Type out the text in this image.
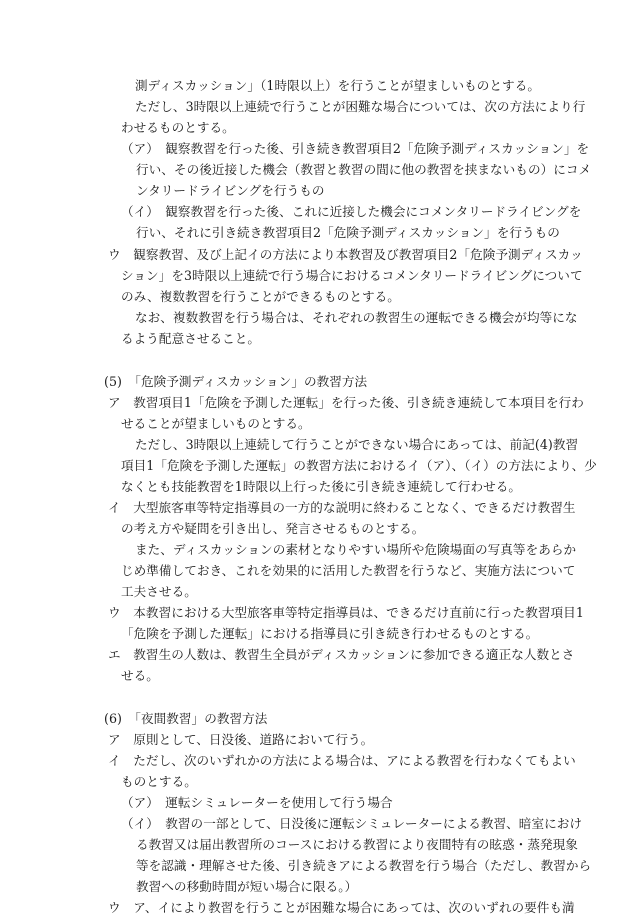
測ディスカッション」（1時限以上）を行うことが望ましいものとする。
ただし、3時限以上連続で行うことが困難な場合については、次の方法により行
わせるものとする。
（ア）　観察教習を行った後、引き続き教習項目2「危険予測ディスカッション」を
行い、その後近接した機会（教習と教習の間に他の教習を挟まないもの）にコメ
ンタリードライビングを行うもの
（イ）　観察教習を行った後、これに近接した機会にコメンタリードライビングを
行い、それに引き続き教習項目2「危険予測ディスカッション」を行うもの
ウ　観察教習、及び上記イの方法により本教習及び教習項目2「危険予測ディスカッ
ション」を3時限以上連続で行う場合におけるコメンタリードライビングについて
のみ、複数教習を行うことができるものとする。
なお、複数教習を行う場合は、それぞれの教習生の運転できる機会が均等にな
るよう配意させること。
(5)　「危険予測ディスカッション」の教習方法
ア　教習項目1「危険を予測した運転」を行った後、引き続き連続して本項目を行わ
せることが望ましいものとする。
ただし、3時限以上連続して行うことができない場合にあっては、前記(4)教習
項目1「危険を予測した運転」の教習方法におけるイ（ア）、（イ）の方法により、少
なくとも技能教習を1時限以上行った後に引き続き連続して行わせる。
イ　大型旅客車等特定指導員の一方的な説明に終わることなく、できるだけ教習生
の考え方や疑問を引き出し、発言させるものとする。
また、ディスカッションの素材となりやすい場所や危険場面の写真等をあらか
じめ準備しておき、これを効果的に活用した教習を行うなど、実施方法について
工夫させる。
ウ　本教習における大型旅客車等特定指導員は、できるだけ直前に行った教習項目1
「危険を予測した運転」における指導員に引き続き行わせるものとする。
エ　教習生の人数は、教習生全員がディスカッションに参加できる適正な人数とさ
せる。
(6)　「夜間教習」の教習方法
ア　原則として、日没後、道路において行う。
イ　ただし、次のいずれかの方法による場合は、アによる教習を行わなくてもよい
ものとする。
（ア）　運転シミュレーターを使用して行う場合
（イ）　教習の一部として、日没後に運転シミュレーターによる教習、暗室におけ
る教習又は届出教習所のコースにおける教習により夜間特有の眩惑・蒸発現象
等を認識・理解させた後、引き続きアによる教習を行う場合（ただし、教習から
教習への移動時間が短い場合に限る。）
ウ　ア、イにより教習を行うことが困難な場合にあっては、次のいずれの要件も満
